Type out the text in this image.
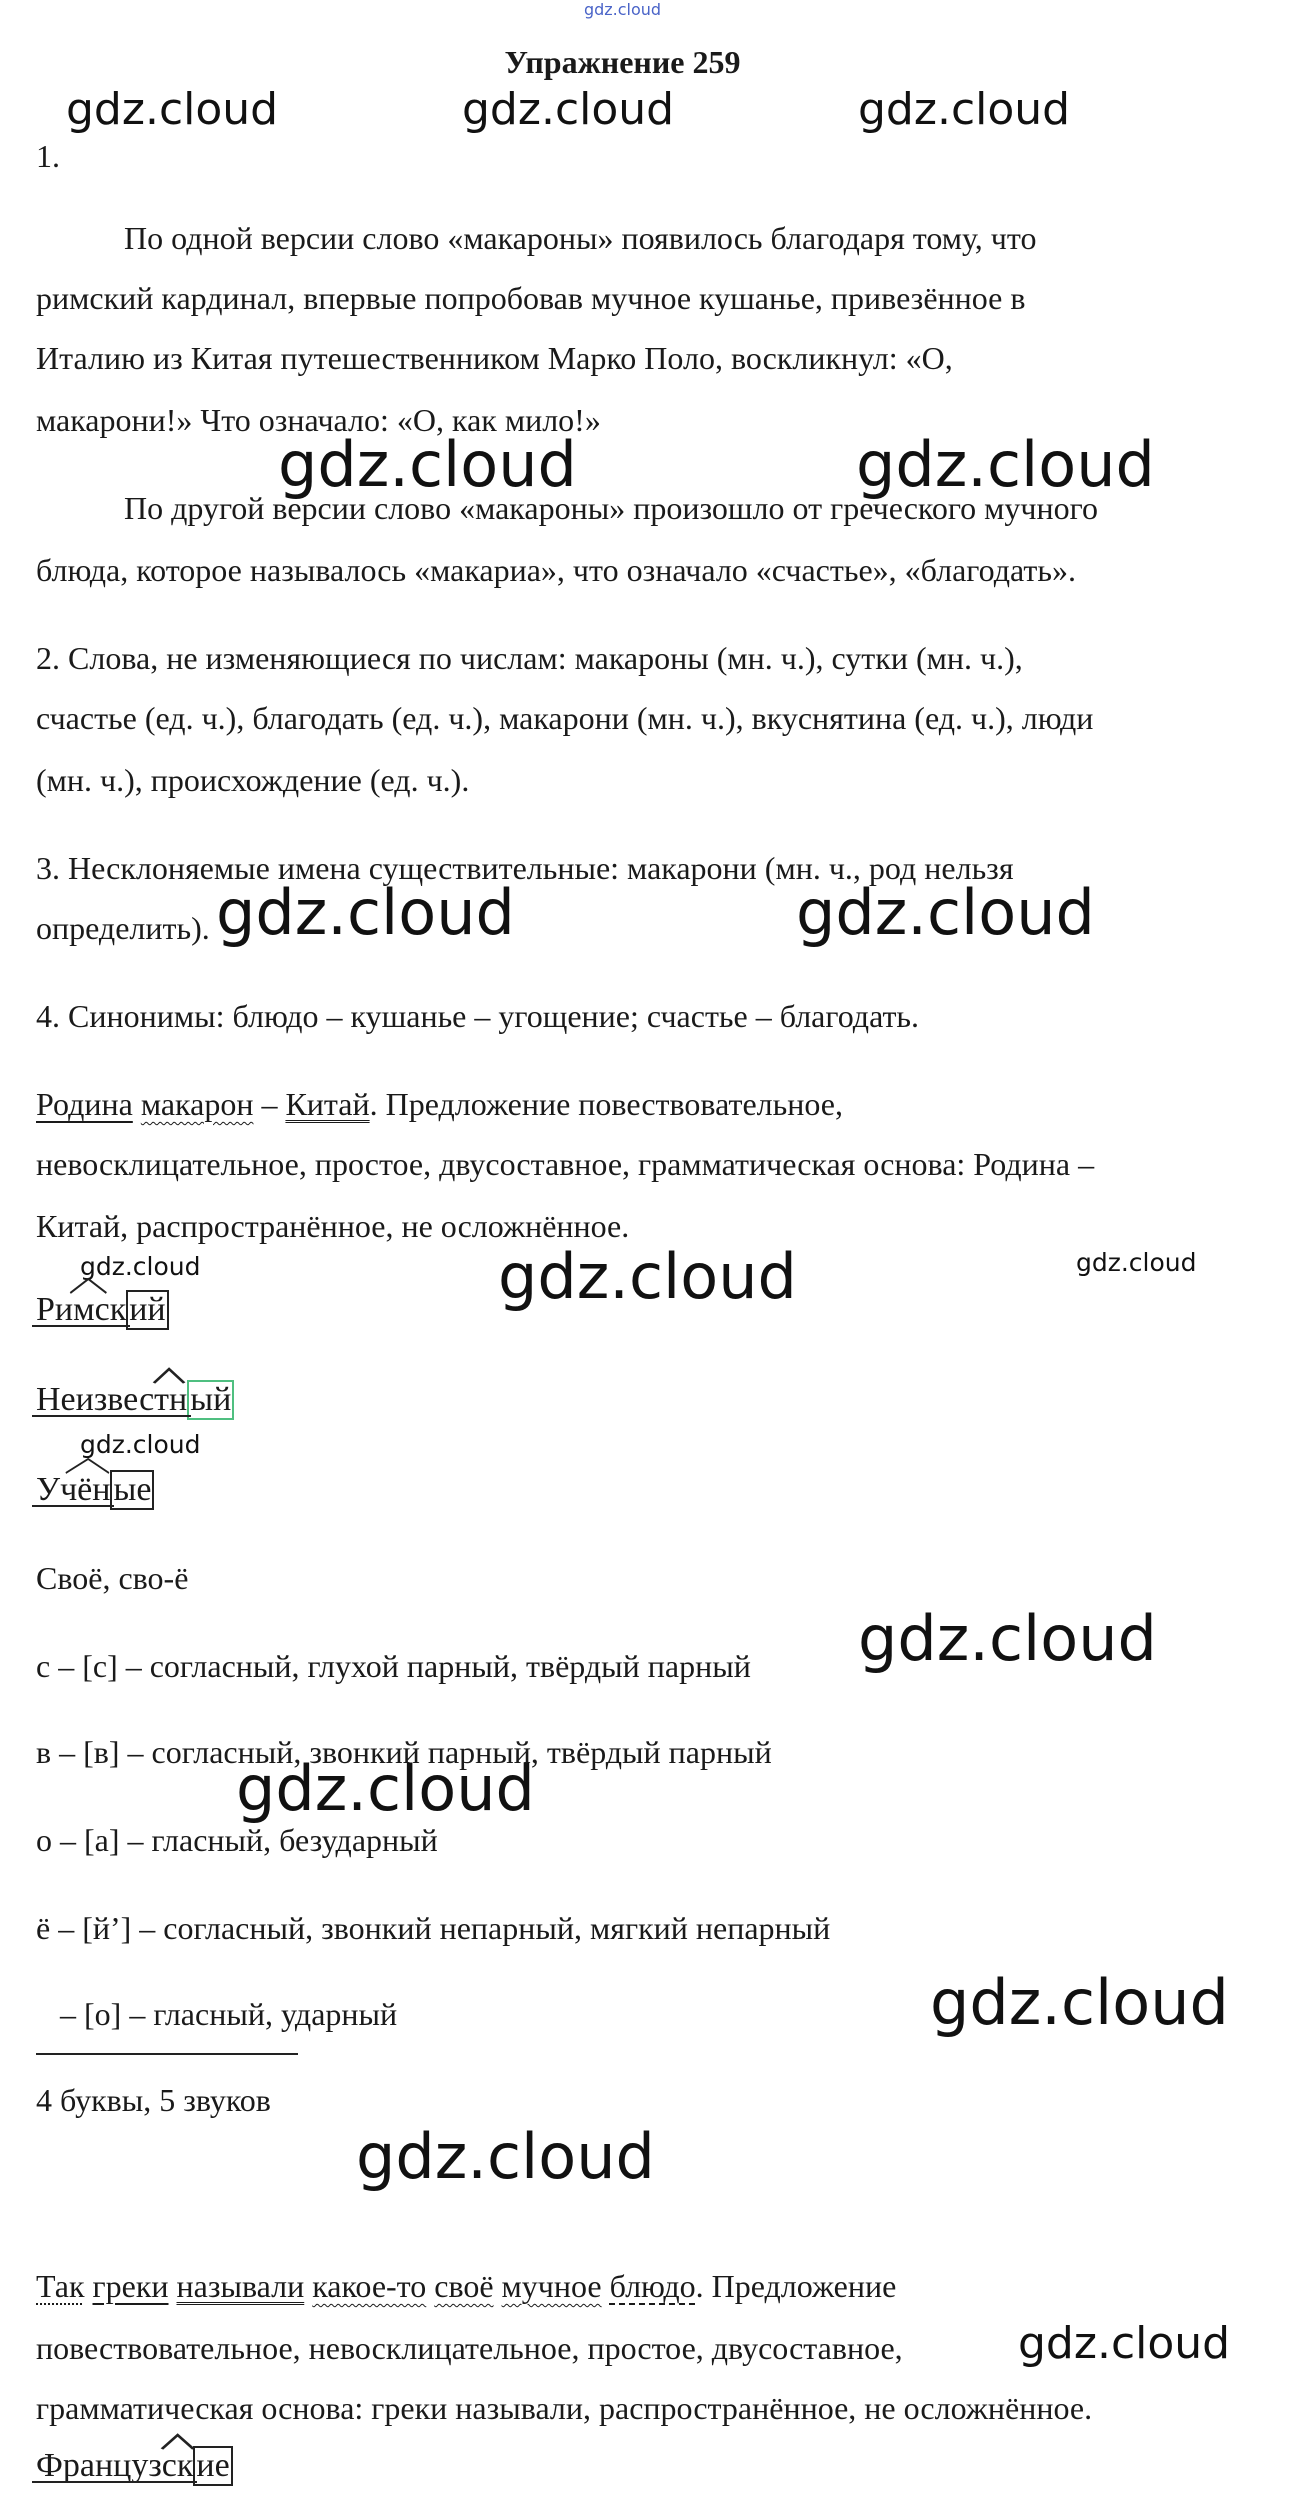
gdz.cloud
Упражнение 259
gdz.cloud	gdz.cloud	gdz.cloud
1.
По одной версии слово «макароны» появилось благодаря тому, что
римский кардинал, впервые попробовав мучное кушанье, привезённое в
Италию из Китая путешественником Марко Поло, воскликнул: «О,
макарони!» Что означало: «О, как мило!»
gdz.cloud	gdz.cloud
По другой версии слово «макароны» произошло от греческого мучного
блюда, которое называлось «макариа», что означало «счастье», «благодать».
2. Слова, не изменяющиеся по числам: макароны (мн. ч.), сутки (мн. ч.),
счастье (ед. ч.), благодать (ед. ч.), макарони (мн. ч.), вкуснятина (ед. ч.), люди
(мн. ч.), происхождение (ед. ч.).
3. Несклоняемые имена существительные: макарони (мн. ч., род нельзя
определить). gdz.cloud	gdz.cloud
4. Синонимы: блюдо – кушанье – угощение; счастье – благодать.
Родина макарон – Китай. Предложение повествовательное,
невосклицательное, простое, двусоставное, грамматическая основа: Родина –
Китай, распространённое, не осложнённое.
gdz.cloud	gdz.cloud	gdz.cloud
Римск
ий
Неизвестн
ый
gdz.cloud
Учён
ые
Своё, сво-ё
gdz.cloud
с – [с] – согласный, глухой парный, твёрдый парный
в – [в] – согласный, звонкий парный, твёрдый парный
gdz.cloud
о – [а] – гласный, безударный
ё – [й’] – согласный, звонкий непарный, мягкий непарный
– [о] – гласный, ударный	gdz.cloud
4 буквы, 5 звуков
gdz.cloud
Так греки называли какое-то своё мучное блюдо. Предложение
повествовательное, невосклицательное, простое, двусоставное,	gdz.cloud
грамматическая основа: греки называли, распространённое, не осложнённое.
Французск
ие
